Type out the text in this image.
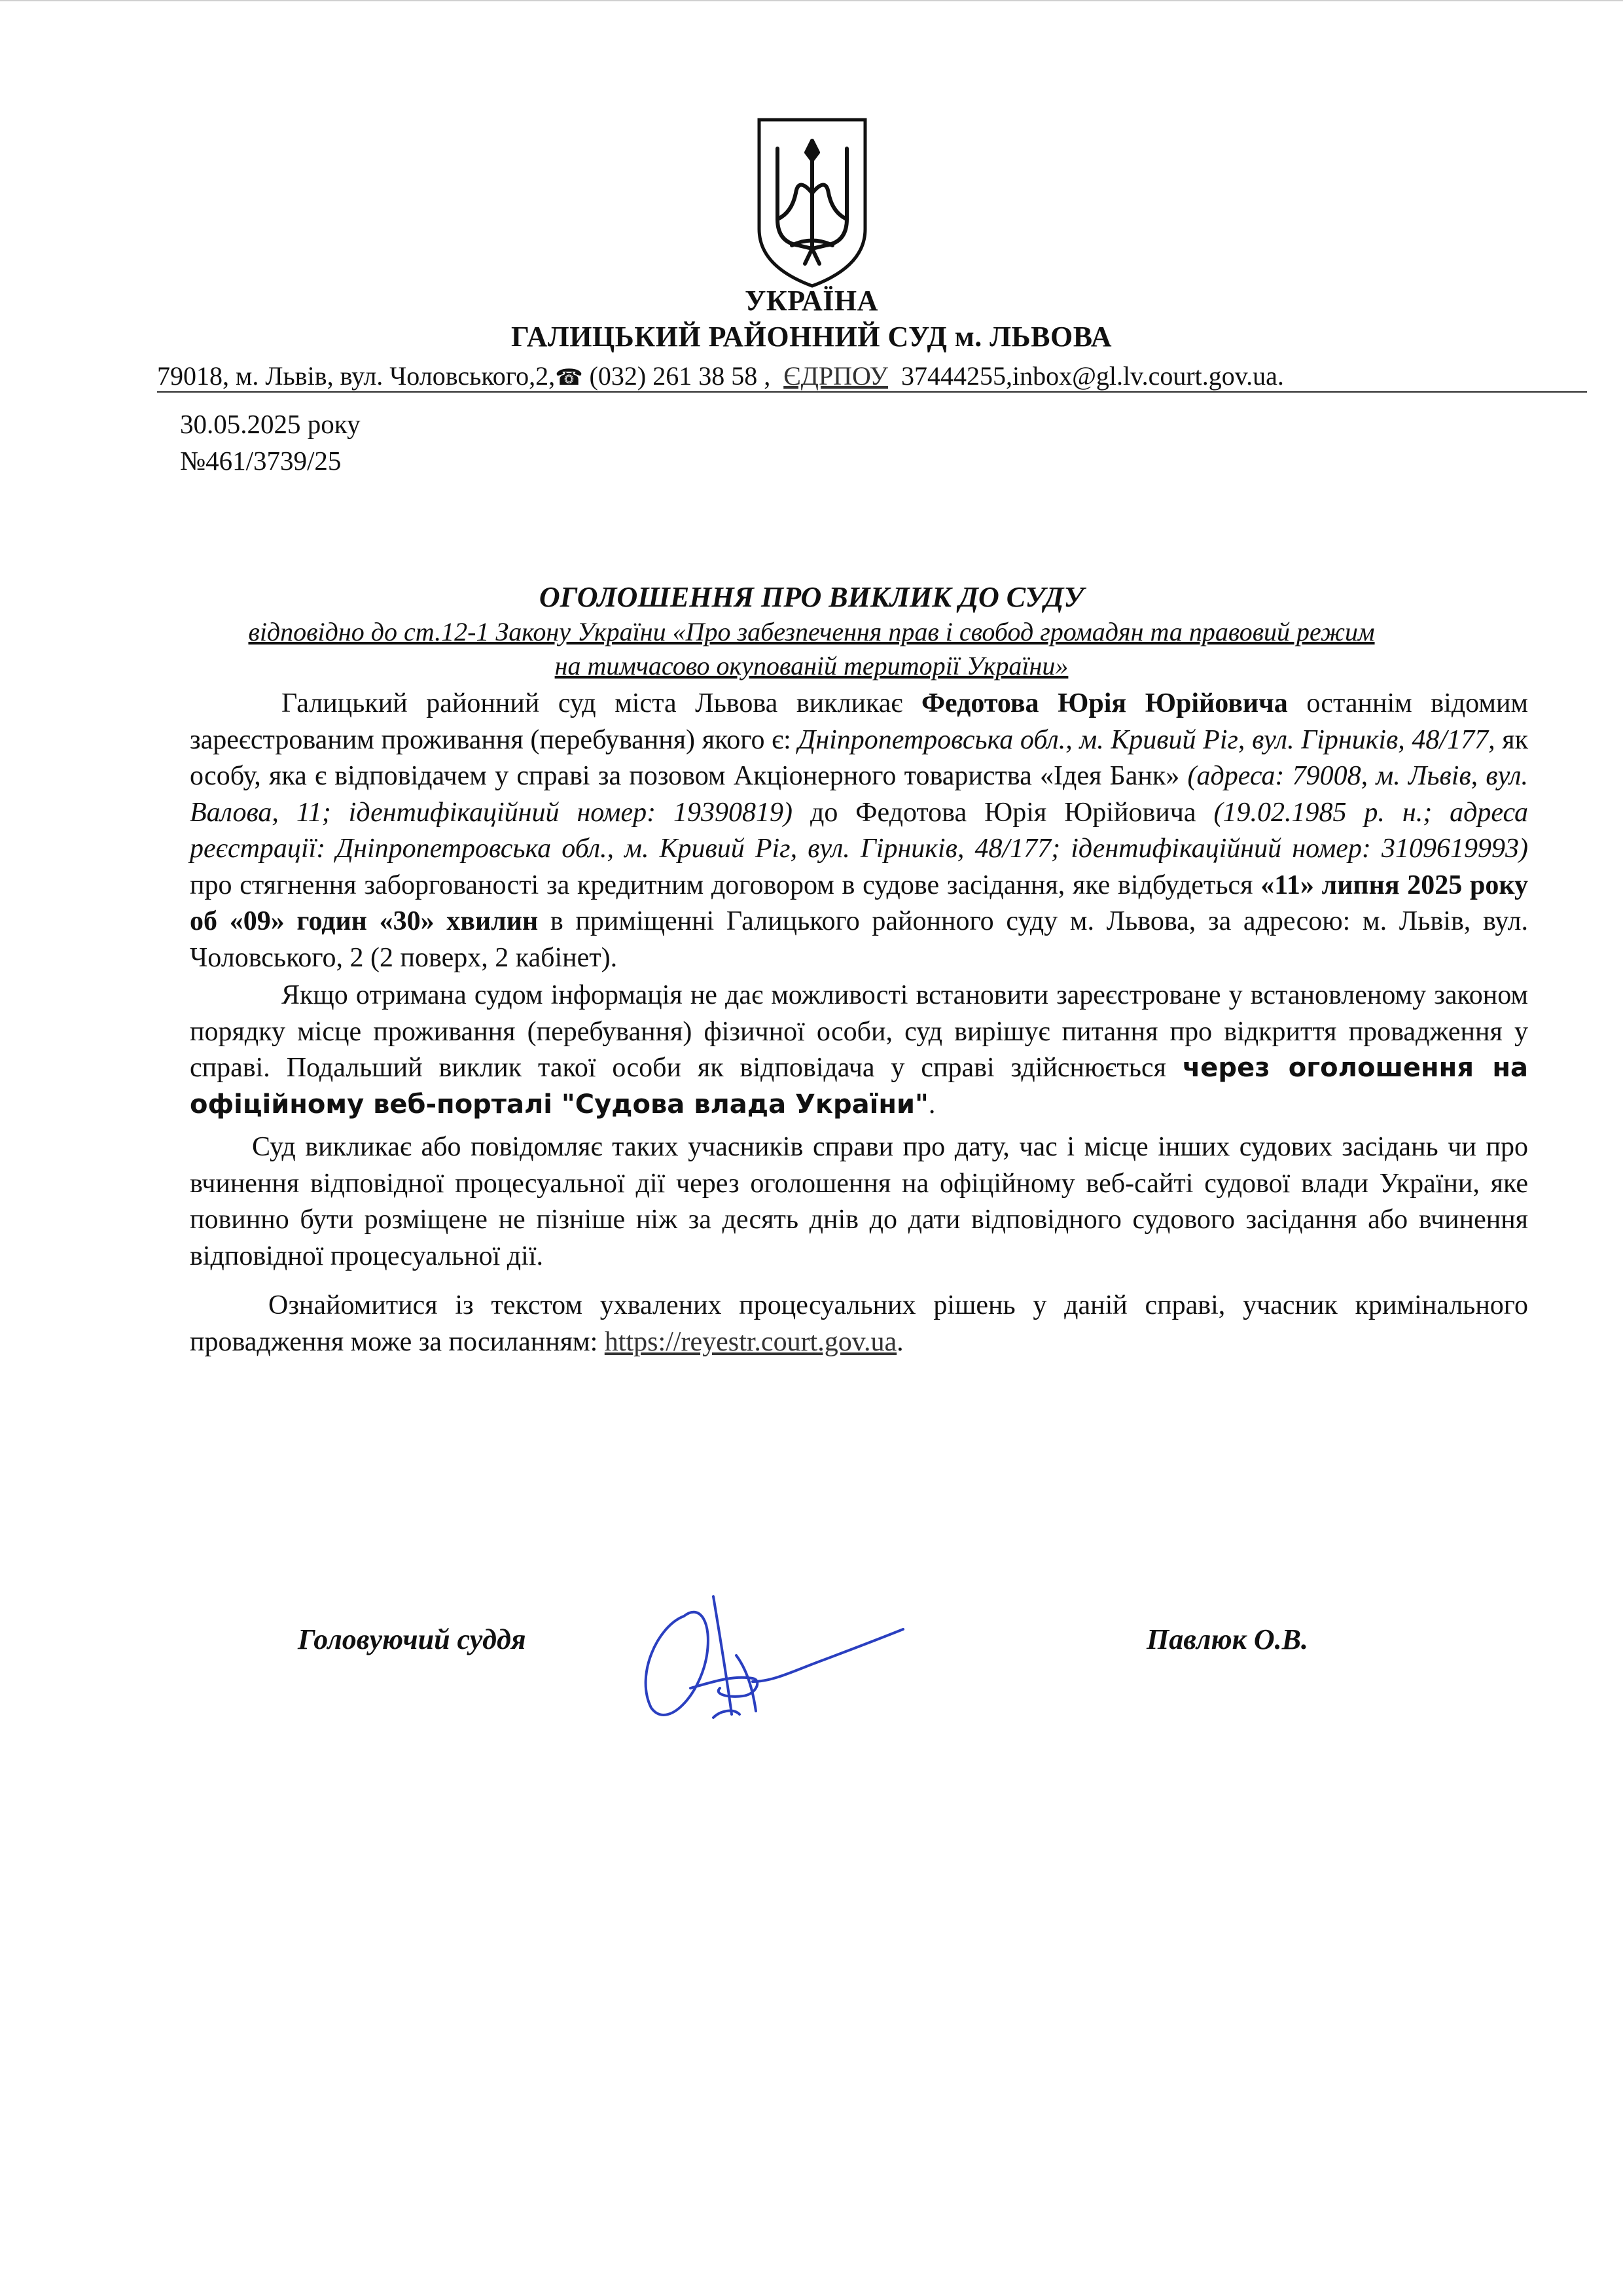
УКРАЇНА
ГАЛИЦЬКИЙ РАЙОННИЙ СУД м. ЛЬВОВА
79018, м. Львів, вул. Чоловського,2,☎ (032) 261 38 58 , ЄДРПОУ 37444255,inbox@gl.lv.court.gov.ua.
30.05.2025 року
№461/3739/25
ОГОЛОШЕННЯ ПРО ВИКЛИК ДО СУДУ
відповідно до ст.12-1 Закону України «Про забезпечення прав і свобод громадян та правовий режим
на тимчасово окупованій території України»

Галицький районний суд міста Львова викликає Федотова Юрія Юрійовича останнім відомим зареєстрованим проживання (перебування) якого є: Дніпропетровська обл., м. Кривий Ріг, вул. Гірників, 48/177, як особу, яка є відповідачем у справі за позовом Акціонерного товариства «Ідея Банк» (адреса: 79008, м. Львів, вул. Валова, 11; ідентифікаційний номер: 19390819) до Федотова Юрія Юрійовича (19.02.1985 р. н.; адреса реєстрації: Дніпропетровська обл., м. Кривий Ріг, вул. Гірників, 48/177; ідентифікаційний номер: 3109619993) про стягнення заборгованості за кредитним договором в судове засідання, яке відбудеться «11» липня 2025 року об «09» годин «30» хвилин в приміщенні Галицького районного суду м. Львова, за адресою: м. Львів, вул. Чоловського, 2 (2 поверх, 2 кабінет).

Якщо отримана судом інформація не дає можливості встановити зареєстроване у встановленому законом порядку місце проживання (перебування) фізичної особи, суд вирішує питання про відкриття провадження у справі. Подальший виклик такої особи як відповідача у справі здійснюється через оголошення на офіційному веб-порталі "Судова влада України".

Суд викликає або повідомляє таких учасників справи про дату, час і місце інших судових засідань чи про вчинення відповідної процесуальної дії через оголошення на офіційному веб-сайті судової влади України, яке повинно бути розміщене не пізніше ніж за десять днів до дати відповідного судового засідання або вчинення відповідної процесуальної дії.

Ознайомитися із текстом ухвалених процесуальних рішень у даній справі, учасник кримінального провадження може за посиланням: https://reyestr.court.gov.ua.

Головуючий суддя	Павлюк О.В.
